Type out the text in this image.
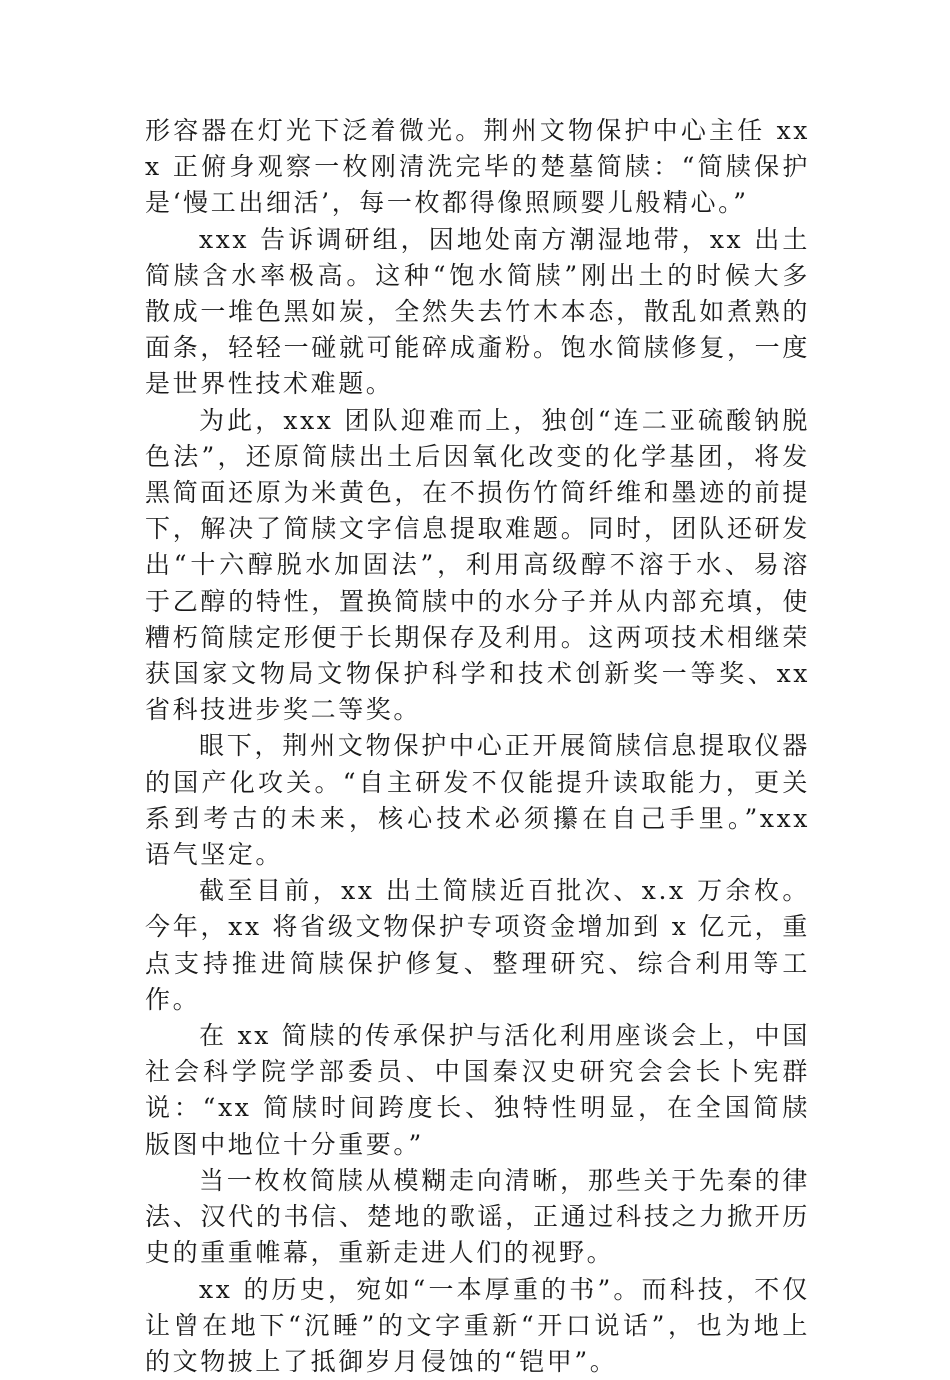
形容器在灯光下泛着微光。荆州文物保护中心主任 xxx 正俯身观察一枚刚清洗完毕的楚墓简牍：“简牍保护是‘慢工出细活’，每一枚都得像照顾婴儿般精心。”

xxx 告诉调研组，因地处南方潮湿地带，xx 出土简牍含水率极高。这种“饱水简牍”刚出土的时候大多散成一堆色黑如炭，全然失去竹木本态，散乱如煮熟的面条，轻轻一碰就可能碎成齑粉。饱水简牍修复，一度是世界性技术难题。

为此，xxx 团队迎难而上，独创“连二亚硫酸钠脱色法”，还原简牍出土后因氧化改变的化学基团，将发黑简面还原为米黄色，在不损伤竹简纤维和墨迹的前提下，解决了简牍文字信息提取难题。同时，团队还研发出“十六醇脱水加固法”，利用高级醇不溶于水、易溶于乙醇的特性，置换简牍中的水分子并从内部充填，使糟朽简牍定形便于长期保存及利用。这两项技术相继荣获国家文物局文物保护科学和技术创新奖一等奖、xx 省科技进步奖二等奖。

眼下，荆州文物保护中心正开展简牍信息提取仪器的国产化攻关。“自主研发不仅能提升读取能力，更关系到考古的未来，核心技术必须攥在自己手里。”xxx 语气坚定。

截至目前，xx 出土简牍近百批次、x.x 万余枚。今年，xx 将省级文物保护专项资金增加到 x 亿元，重点支持推进简牍保护修复、整理研究、综合利用等工作。

在 xx 简牍的传承保护与活化利用座谈会上，中国社会科学院学部委员、中国秦汉史研究会会长卜宪群说：“xx 简牍时间跨度长、独特性明显，在全国简牍版图中地位十分重要。”

当一枚枚简牍从模糊走向清晰，那些关于先秦的律法、汉代的书信、楚地的歌谣，正通过科技之力掀开历史的重重帷幕，重新走进人们的视野。

xx 的历史，宛如“一本厚重的书”。而科技，不仅让曾在地下“沉睡”的文字重新“开口说话”，也为地上的文物披上了抵御岁月侵蚀的“铠甲”。
